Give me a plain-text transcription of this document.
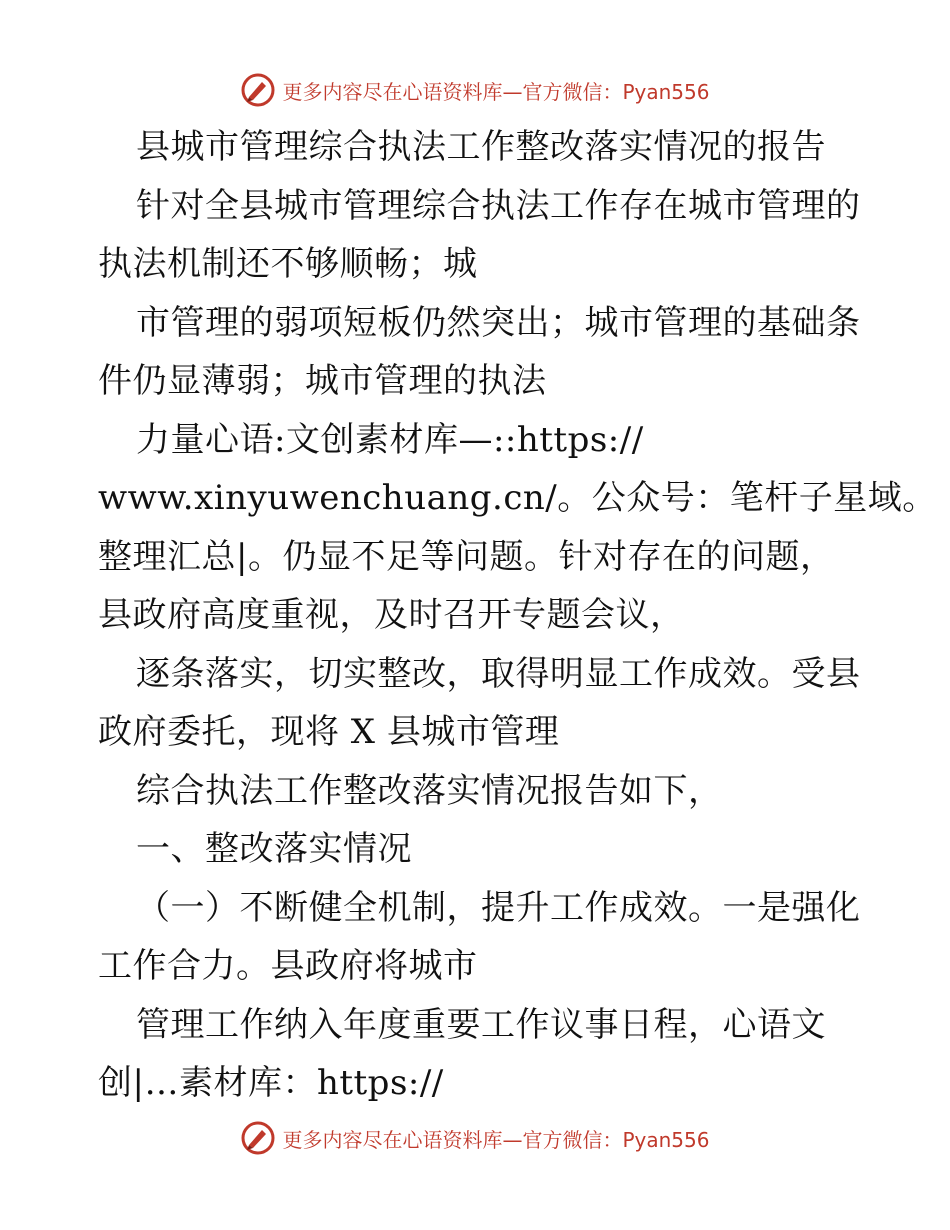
更多内容尽在心语资料库—官方微信：Pyan556
县城市管理综合执法工作整改落实情况的报告
针对全县城市管理综合执法工作存在城市管理的
执法机制还不够顺畅；城
市管理的弱项短板仍然突出；城市管理的基础条
件仍显薄弱；城市管理的执法
力量心语:文创素材库—::https://
www.xinyuwenchuang.cn/。公众号：笔杆子星域。
整理汇总|。仍显不足等问题。针对存在的问题，
县政府高度重视，及时召开专题会议，
逐条落实，切实整改，取得明显工作成效。受县
政府委托，现将 X 县城市管理
综合执法工作整改落实情况报告如下，
一、整改落实情况
（一）不断健全机制，提升工作成效。一是强化
工作合力。县政府将城市
管理工作纳入年度重要工作议事日程，心语文
创|…素材库：https://
更多内容尽在心语资料库—官方微信：Pyan556
